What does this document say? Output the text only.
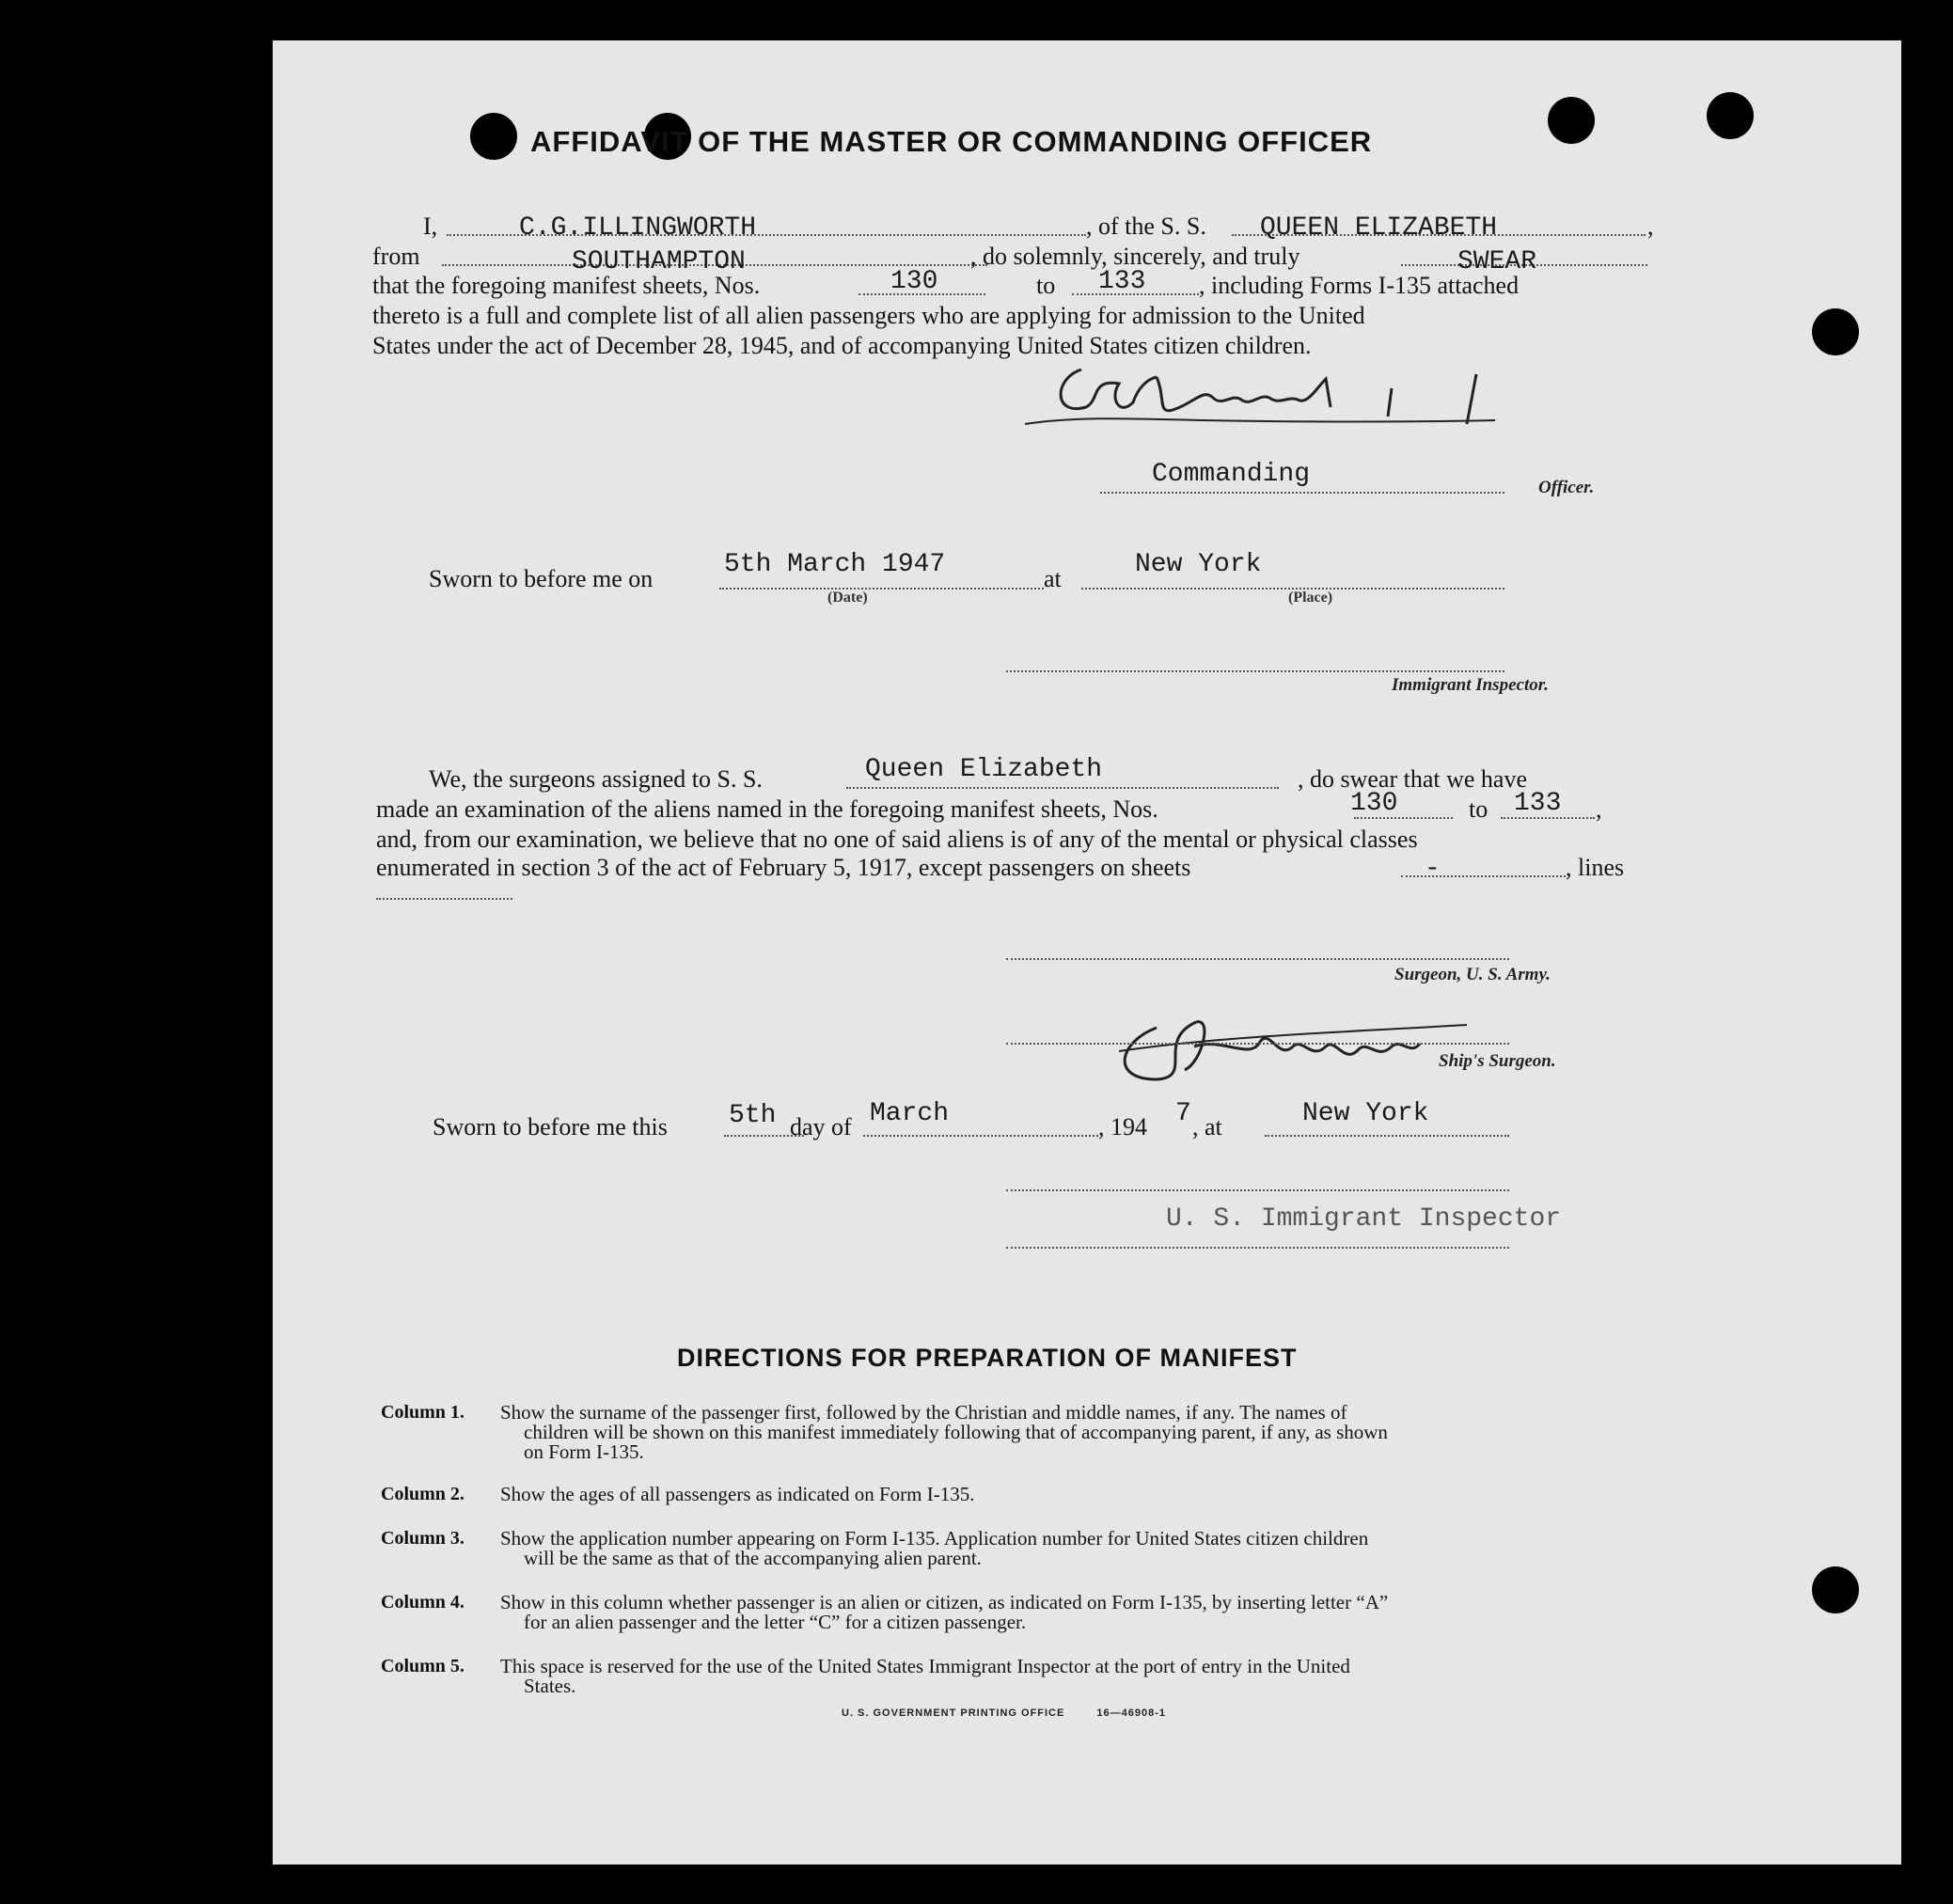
AFFIDAVIT OF THE MASTER OR COMMANDING OFFICER
I,	C.G.ILLINGWORTH	, of the S. S. QUEEN ELIZABETH	,
from	SOUTHAMPTON	, do solemnly, sincerely, and truly	SWEAR
that the foregoing manifest sheets, Nos.	130	to 133 , including Forms I-135 attached
thereto is a full and complete list of all alien passengers who are applying for admission to the United
States under the act of December 28, 1945, and of accompanying United States citizen children.
Commanding	Officer.
Sworn to before me on	5th March 1947
(Date)
at	New York
(Place)
Immigrant Inspector.
We, the surgeons assigned to S. S.	Queen Elizabeth	, do swear that we have
made an examination of the aliens named in the foregoing manifest sheets, Nos.	130	to 133 ,
and, from our examination, we believe that no one of said aliens is of any of the mental or physical classes
enumerated in section 3 of the act of February 5, 1917, except passengers on sheets	-	, lines
Surgeon, U. S. Army.
Ship's Surgeon.
Sworn to before me this 5th day of March	, 194 7 , at	New York
U. S. Immigrant Inspector
DIRECTIONS FOR PREPARATION OF MANIFEST
Column 1. Show the surname of the passenger first, followed by the Christian and middle names, if any. The names of
children will be shown on this manifest immediately following that of accompanying parent, if any, as shown
on Form I-135.
Column 2. Show the ages of all passengers as indicated on Form I-135.
Column 3. Show the application number appearing on Form I-135. Application number for United States citizen children
will be the same as that of the accompanying alien parent.
Column 4. Show in this column whether passenger is an alien or citizen, as indicated on Form I-135, by inserting letter “A”
for an alien passenger and the letter “C” for a citizen passenger.
Column 5. This space is reserved for the use of the United States Immigrant Inspector at the port of entry in the United
States.
U. S. GOVERNMENT PRINTING OFFICE	16—46908-1
